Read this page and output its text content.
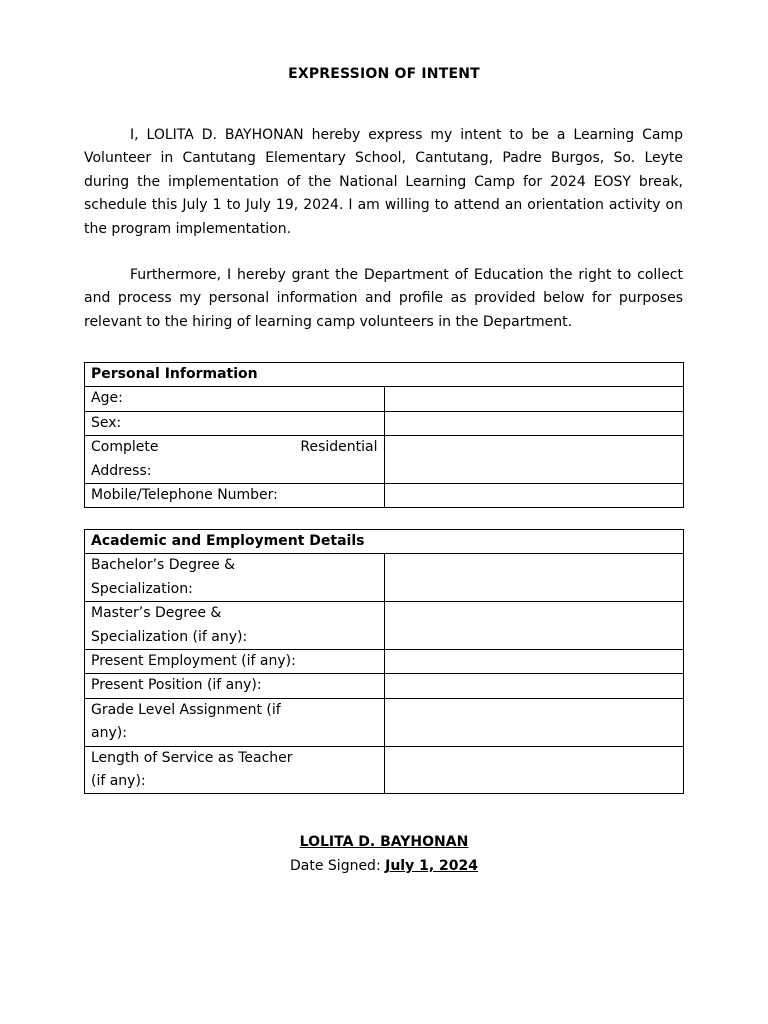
EXPRESSION OF INTENT

I, LOLITA D. BAYHONAN hereby express my intent to be a Learning Camp Volunteer in Cantutang Elementary School, Cantutang, Padre Burgos, So. Leyte during the implementation of the National Learning Camp for 2024 EOSY break, schedule this July 1 to July 19, 2024. I am willing to attend an orientation activity on the program implementation.

Furthermore, I hereby grant the Department of Education the right to collect and process my personal information and profile as provided below for purposes relevant to the hiring of learning camp volunteers in the Department.

Personal Information	
Age:	
Sex:	

Complete Residential
Address:	

Mobile/Telephone Number:	
Academic and Employment Details	

Bachelor’s Degree &
Specialization:	

Master’s Degree &
Specialization (if any):	

Present Employment (if any):	
Present Position (if any):	

Grade Level Assignment (if
any):	

Length of Service as Teacher
(if any):	

LOLITA D. BAYHONAN
Date Signed: July 1, 2024
